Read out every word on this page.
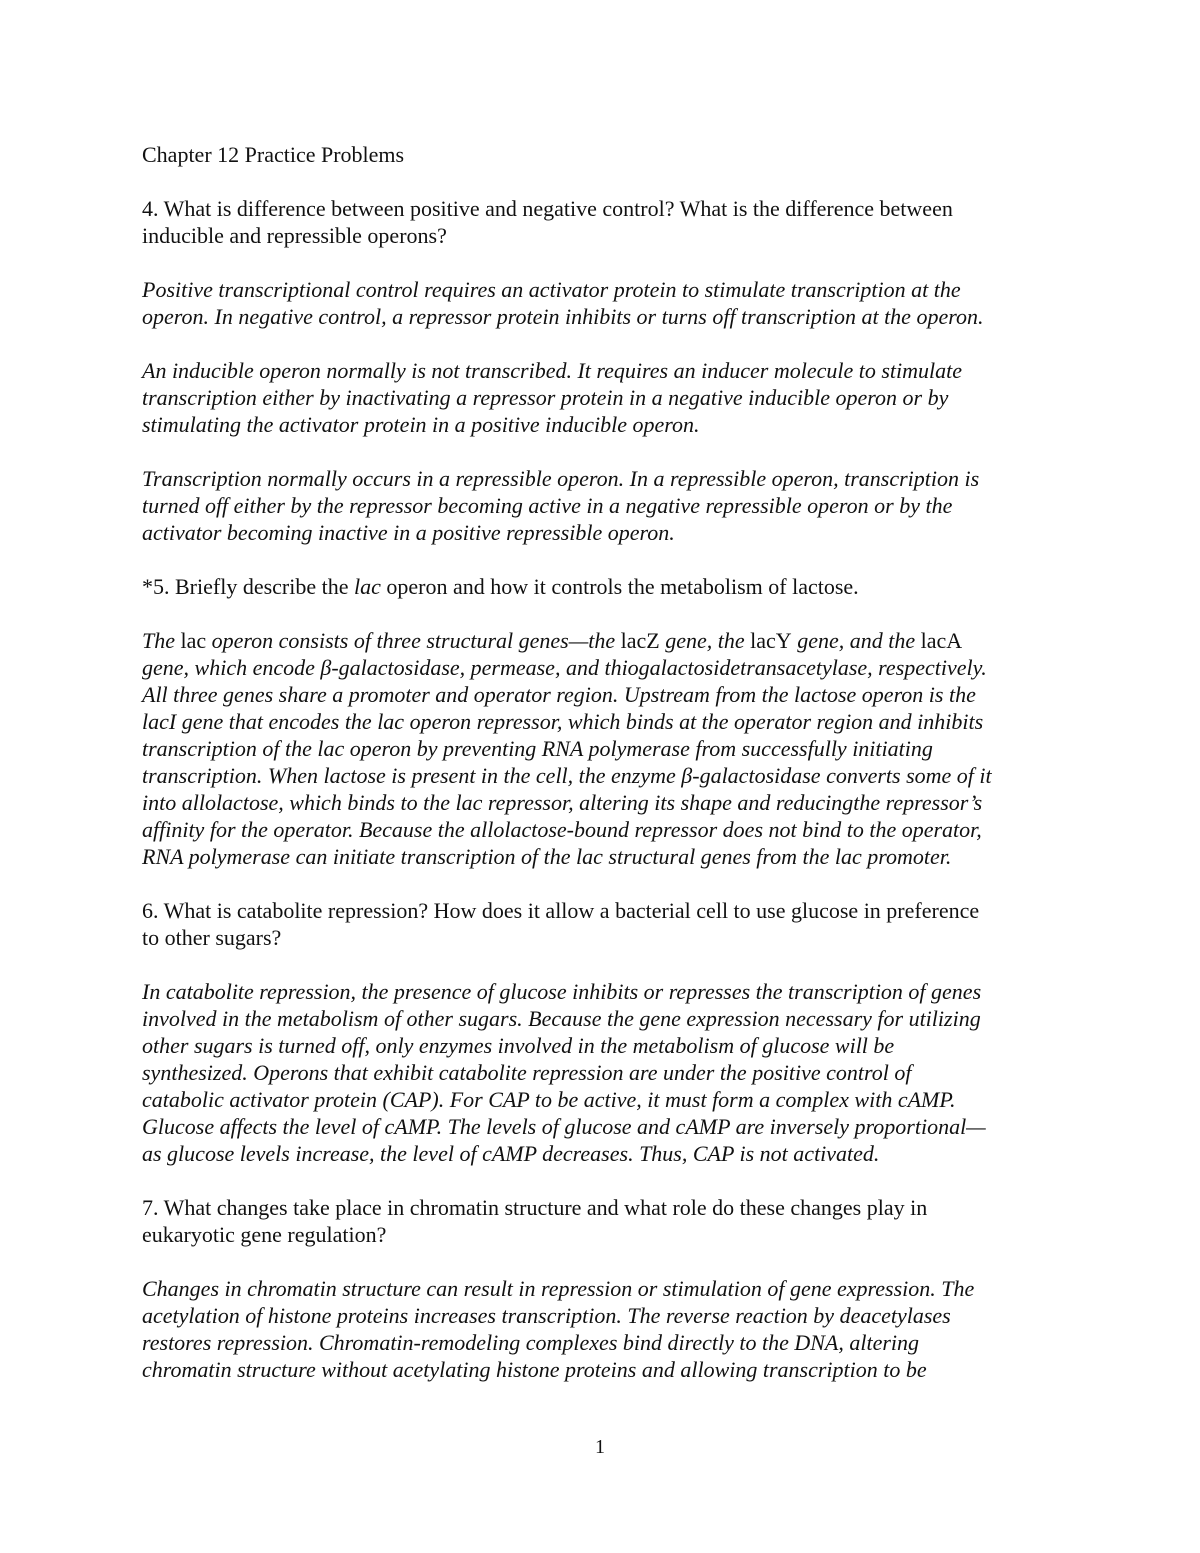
Chapter 12 Practice Problems

4. What is difference between positive and negative control? What is the difference between
inducible and repressible operons?

Positive transcriptional control requires an activator protein to stimulate transcription at the
operon. In negative control, a repressor protein inhibits or turns off transcription at the operon.

An inducible operon normally is not transcribed. It requires an inducer molecule to stimulate
transcription either by inactivating a repressor protein in a negative inducible operon or by
stimulating the activator protein in a positive inducible operon.

Transcription normally occurs in a repressible operon. In a repressible operon, transcription is
turned off either by the repressor becoming active in a negative repressible operon or by the
activator becoming inactive in a positive repressible operon.

*5. Briefly describe the lac operon and how it controls the metabolism of lactose.

The lac operon consists of three structural genes—the lacZ gene, the lacY gene, and the lacA
gene, which encode β-galactosidase, permease, and thiogalactosidetransacetylase, respectively.
All three genes share a promoter and operator region. Upstream from the lactose operon is the
lacI gene that encodes the lac operon repressor, which binds at the operator region and inhibits
transcription of the lac operon by preventing RNA polymerase from successfully initiating
transcription. When lactose is present in the cell, the enzyme β-galactosidase converts some of it
into allolactose, which binds to the lac repressor, altering its shape and reducingthe repressor’s
affinity for the operator. Because the allolactose-bound repressor does not bind to the operator,
RNA polymerase can initiate transcription of the lac structural genes from the lac promoter.

6. What is catabolite repression? How does it allow a bacterial cell to use glucose in preference
to other sugars?

In catabolite repression, the presence of glucose inhibits or represses the transcription of genes
involved in the metabolism of other sugars. Because the gene expression necessary for utilizing
other sugars is turned off, only enzymes involved in the metabolism of glucose will be
synthesized. Operons that exhibit catabolite repression are under the positive control of
catabolic activator protein (CAP). For CAP to be active, it must form a complex with cAMP.
Glucose affects the level of cAMP. The levels of glucose and cAMP are inversely proportional—
as glucose levels increase, the level of cAMP decreases. Thus, CAP is not activated.

7. What changes take place in chromatin structure and what role do these changes play in
eukaryotic gene regulation?

Changes in chromatin structure can result in repression or stimulation of gene expression. The
acetylation of histone proteins increases transcription. The reverse reaction by deacetylases
restores repression. Chromatin-remodeling complexes bind directly to the DNA, altering
chromatin structure without acetylating histone proteins and allowing transcription to be

1
